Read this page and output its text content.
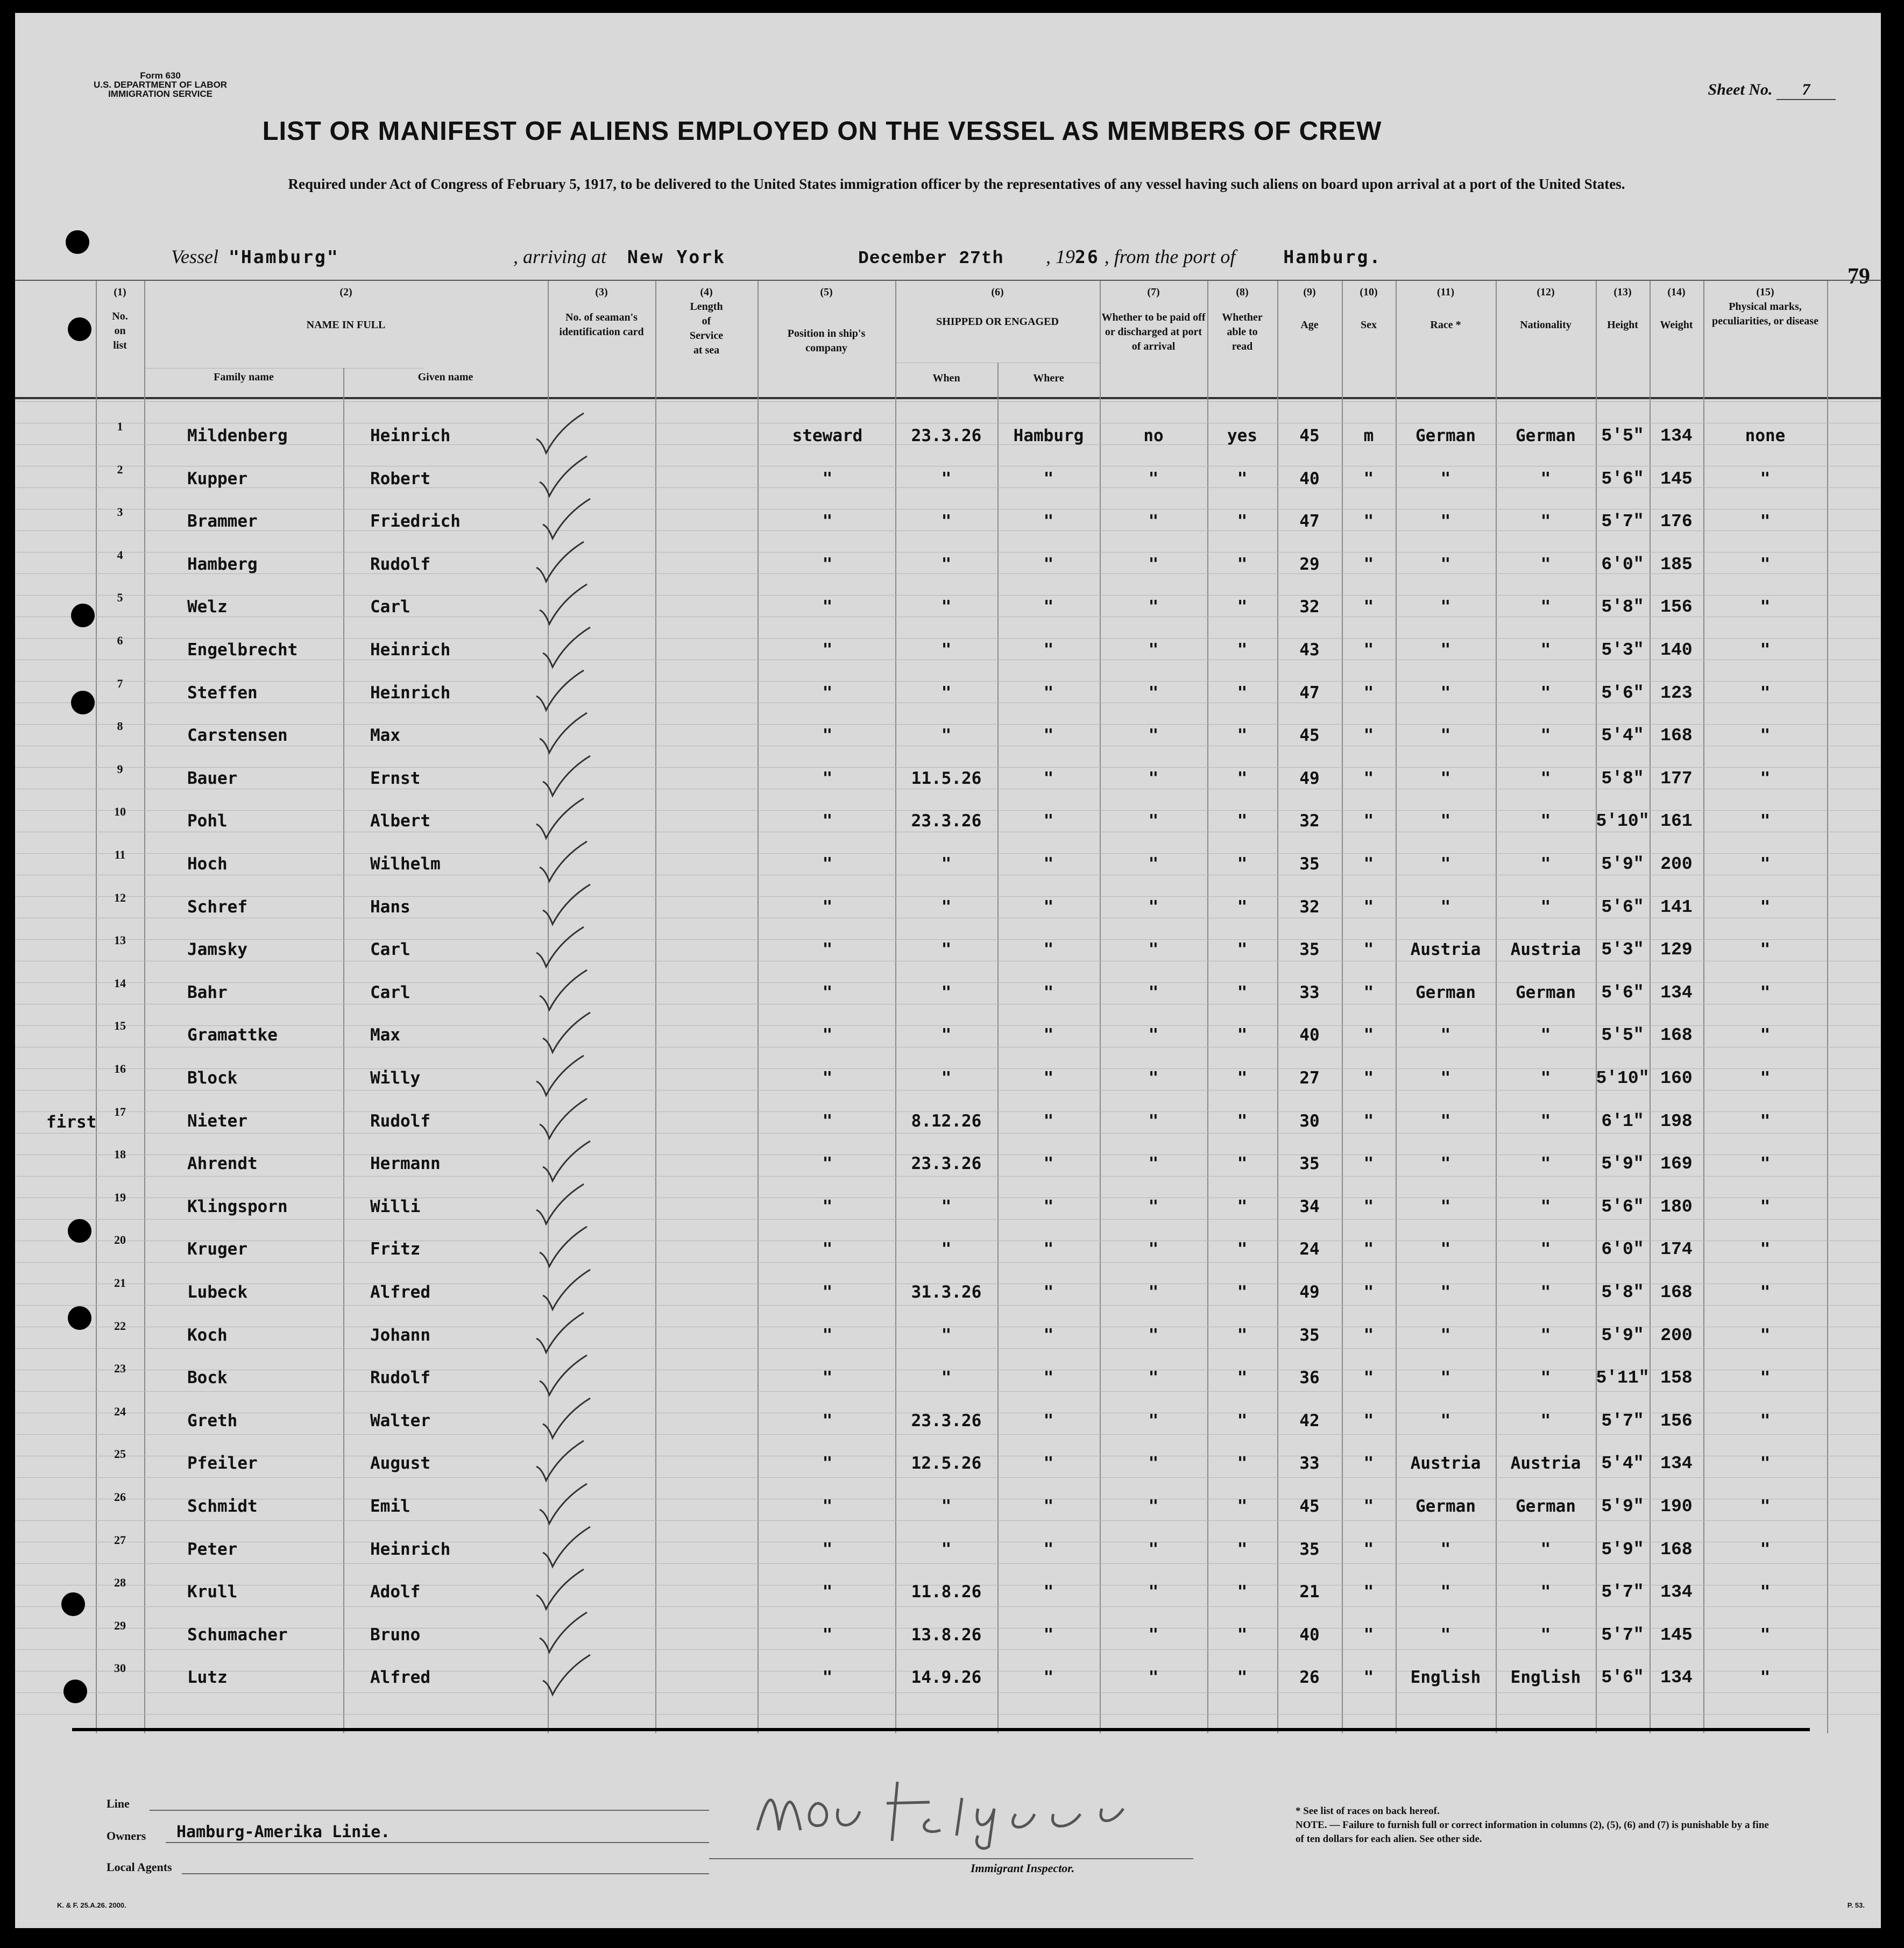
Form 630
U.S. DEPARTMENT OF LABOR
IMMIGRATION SERVICE	Sheet No. 7
LIST OR MANIFEST OF ALIENS EMPLOYED ON THE VESSEL AS MEMBERS OF CREW
Required under Act of Congress of February 5, 1917, to be delivered to the United States immigration officer by the representatives of any vessel having such aliens on board upon arrival at a port of the United States.
Vessel "Hamburg"	, arriving at New York	December 27th , 1926 , from the port of	Hamburg.
79
(1)
No. on list
(2)
NAME IN FULL
Family name	Given name
(3)
No. of seaman's identification card
(4)
Length of Service at sea
(5)
Position in ship's company
(6)
SHIPPED OR ENGAGED
When	Where
(7)
Whether to be paid off or discharged at port of arrival
(8)
Whether able to read
(9)
Age
(10)
Sex
(11)
Race *
(12)
Nationality
(13)
Height
(14)
Weight
(15)
Physical marks, peculiarities, or disease
first
1	Mildenberg	Heinrich	steward	23.3.26	Hamburg	no	yes	45	m	German	German	5'5" 134	none
2	Kupper	Robert	"	"	"	"	"	40	"	"	"	5'6" 145	"
3	Brammer	Friedrich	"	"	"	"	"	47	"	"	"	5'7" 176	"
4	Hamberg	Rudolf	"	"	"	"	"	29	"	"	"	6'0" 185	"
5	Welz	Carl	"	"	"	"	"	32	"	"	"	5'8" 156	"
6	Engelbrecht	Heinrich	"	"	"	"	"	43	"	"	"	5'3" 140	"
7	Steffen	Heinrich	"	"	"	"	"	47	"	"	"	5'6" 123	"
8	Carstensen	Max	"	"	"	"	"	45	"	"	"	5'4" 168	"
9	Bauer	Ernst	"	11.5.26	"	"	"	49	"	"	"	5'8" 177	"
10	Pohl	Albert	"	23.3.26	"	"	"	32	"	"	"	5'10" 161	"
11	Hoch	Wilhelm	"	"	"	"	"	35	"	"	"	5'9" 200	"
12	Schref	Hans	"	"	"	"	"	32	"	"	"	5'6" 141	"
13	Jamsky	Carl	"	"	"	"	"	35	"	Austria	Austria	5'3" 129	"
14	Bahr	Carl	"	"	"	"	"	33	"	German	German	5'6" 134	"
15	Gramattke	Max	"	"	"	"	"	40	"	"	"	5'5" 168	"
16	Block	Willy	"	"	"	"	"	27	"	"	"	5'10" 160	"
17	Nieter	Rudolf	"	8.12.26	"	"	"	30	"	"	"	6'1" 198	"
18	Ahrendt	Hermann	"	23.3.26	"	"	"	35	"	"	"	5'9" 169	"
19	Klingsporn	Willi	"	"	"	"	"	34	"	"	"	5'6" 180	"
20	Kruger	Fritz	"	"	"	"	"	24	"	"	"	6'0" 174	"
21	Lubeck	Alfred	"	31.3.26	"	"	"	49	"	"	"	5'8" 168	"
22	Koch	Johann	"	"	"	"	"	35	"	"	"	5'9" 200	"
23	Bock	Rudolf	"	"	"	"	"	36	"	"	"	5'11" 158	"
24	Greth	Walter	"	23.3.26	"	"	"	42	"	"	"	5'7" 156	"
25	Pfeiler	August	"	12.5.26	"	"	"	33	"	Austria	Austria	5'4" 134	"
26	Schmidt	Emil	"	"	"	"	"	45	"	German	German	5'9" 190	"
27	Peter	Heinrich	"	"	"	"	"	35	"	"	"	5'9" 168	"
28	Krull	Adolf	"	11.8.26	"	"	"	21	"	"	"	5'7" 134	"
29	Schumacher	Bruno	"	13.8.26	"	"	"	40	"	"	"	5'7" 145	"
30	Lutz	Alfred	"	14.9.26	"	"	"	26	"	English	English	5'6" 134	"
Line
Owners Hamburg-Amerika Linie.
Local Agents	Immigrant Inspector.
* See list of races on back hereof.
NOTE. — Failure to furnish full or correct information in columns (2), (5), (6) and (7) is punishable by a fine of ten dollars for each alien. See other side.
K. & F. 25.A.26. 2000.	P. 53.
